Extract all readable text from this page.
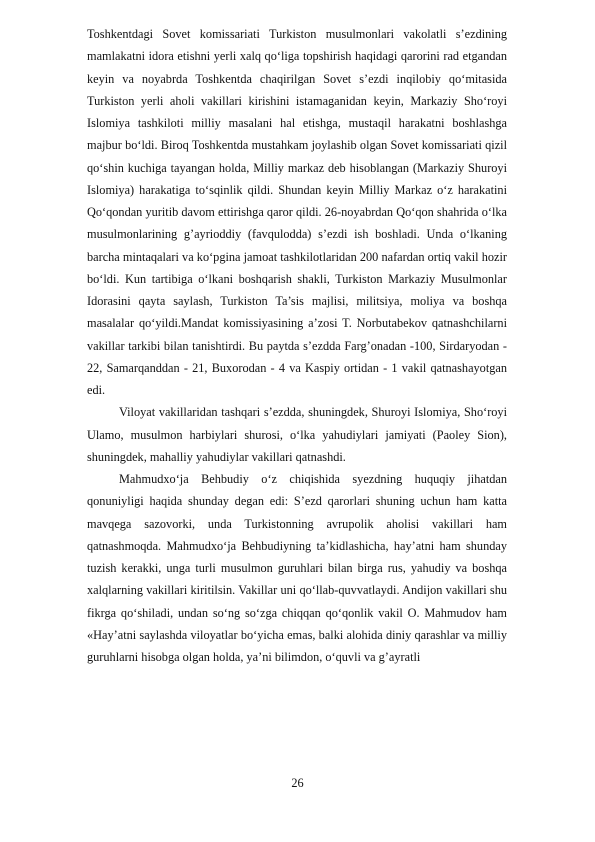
Toshkentdagi Sovet komissariati Turkiston musulmonlari vakolatli s’ezdining mamlakatni idora etishni yerli xalq qo‘liga topshirish haqidagi qarorini rad etgandan keyin va noyabrda Toshkentda chaqirilgan Sovet s’ezdi inqilobiy qo‘mitasida Turkiston yerli aholi vakillari kirishini istamaganidan keyin, Markaziy Sho‘royi Islomiya tashkiloti milliy masalani hal etishga, mustaqil harakatni boshlashga majbur bo‘ldi. Biroq Toshkentda mustahkam joylashib olgan Sovet komissariati qizil qo‘shin kuchiga tayangan holda, Milliy markaz deb hisoblangan (Markaziy Shuroyi Islomiya) harakatiga to‘sqinlik qildi. Shundan keyin Milliy Markaz o‘z harakatini Qo‘qondan yuritib davom ettirishga qaror qildi. 26-noyabrdan Qo‘qon shahrida o‘lka musulmonlarining g’ayrioddiy (favqulodda) s’ezdi ish boshladi. Unda o‘lkaning barcha mintaqalari va ko‘pgina jamoat tashkilotlaridan 200 nafardan ortiq vakil hozir bo‘ldi. Kun tartibiga o‘lkani boshqarish shakli, Turkiston Markaziy Musulmonlar Idorasini qayta saylash, Turkiston Ta’sis majlisi, militsiya, moliya va boshqa masalalar qo‘yildi.Mandat komissiyasining a’zosi T. Norbutabekov qatnashchilarni vakillar tarkibi bilan tanishtirdi. Bu paytda s’ezdda Farg’onadan -100, Sirdaryodan - 22, Samarqanddan - 21, Buxorodan - 4 va Kaspiy ortidan - 1 vakil qatnashayotgan edi.

Viloyat vakillaridan tashqari s’ezdda, shuningdek, Shuroyi Islomiya, Sho‘royi Ulamo, musulmon harbiylari shurosi, o‘lka yahudiylari jamiyati (Paoley Sion), shuningdek, mahalliy yahudiylar vakillari qatnashdi.

Mahmudxo‘ja Behbudiy o‘z chiqishida syezdning huquqiy jihatdan qonuniyligi haqida shunday degan edi: S’ezd qarorlari shuning uchun ham katta mavqega sazovorki, unda Turkistonning avrupolik aholisi vakillari ham qatnashmoqda. Mahmudxo‘ja Behbudiyning ta’kidlashicha, hay’atni ham shunday tuzish kerakki, unga turli musulmon guruhlari bilan birga rus, yahudiy va boshqa xalqlarning vakillari kiritilsin. Vakillar uni qo‘llab-quvvatlaydi. Andijon vakillari shu fikrga qo‘shiladi, undan so‘ng so‘zga chiqqan qo‘qonlik vakil O. Mahmudov ham «Hay’atni saylashda viloyatlar bo‘yicha emas, balki alohida diniy qarashlar va milliy guruhlarni hisobga olgan holda, ya’ni bilimdon, o‘quvli va g’ayratli

26
